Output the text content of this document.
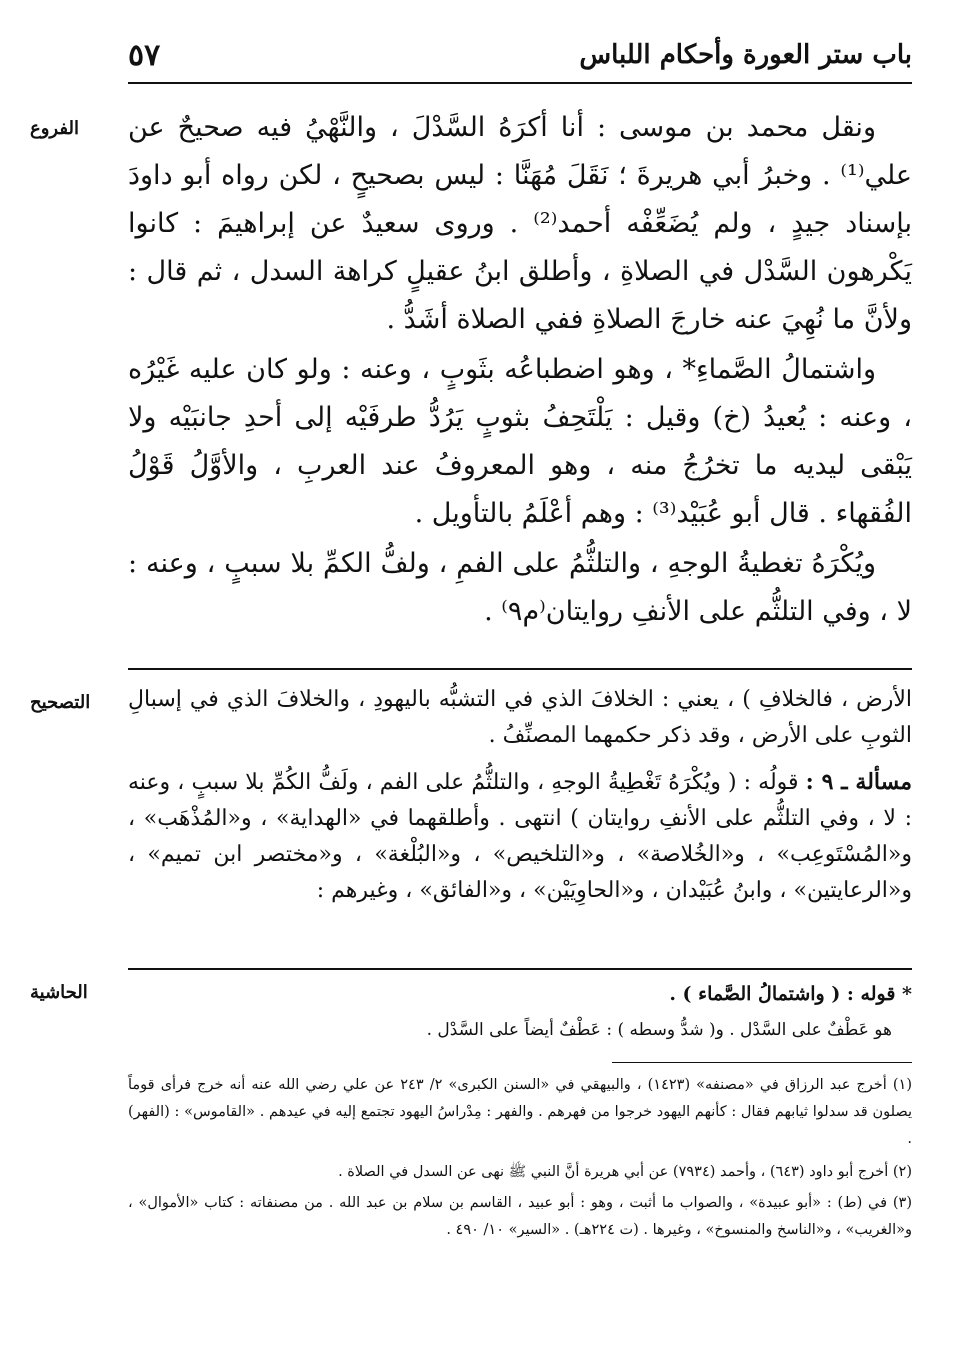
٥٧	باب ستر العورة وأحكام اللباس
الفروع	ونقل محمد بن موسى : أنا أكرَهُ السَّدْلَ ، والنَّهْيُ فيه صحيحٌ عن علي⁽¹⁾ . وخبرُ أبي هريرةَ ؛ نَقَلَ مُهَنَّا : ليس بصحيحٍ ، لكن رواه أبو داودَ بإسناد جيدٍ ، ولم يُضَعِّفْه أحمد⁽²⁾ . وروى سعيدٌ عن إبراهيمَ : كانوا يَكْرهون السَّدْل في الصلاةِ ، وأطلق ابنُ عقيلٍ كراهة السدل ، ثم قال : ولأنَّ ما نُهِيَ عنه خارجَ الصلاةِ ففي الصلاة أشَدُّ .

واشتمالُ الصَّماءِ* ، وهو اضطباعُه بثَوبٍ ، وعنه : ولو كان عليه غَيْرُه ، وعنه : يُعيدُ (خ) وقيل : يَلْتَحِفُ بثوبٍ يَرُدُّ طرفَيْه إلى أحدِ جانبَيْه ولا يَبْقى ليديه ما تخرُجُ منه ، وهو المعروفُ عند العربِ ، والأوَّلُ قَوْلُ الفُقهاء . قال أبو عُبَيْد⁽³⁾ : وهم أعْلَمُ بالتأويل .

ويُكْرَهُ تغطيةُ الوجهِ ، والتلثُّمُ على الفمِ ، ولفُّ الكمِّ بلا سببٍ ، وعنه : لا ، وفي التلثُّم على الأنفِ روايتان⁽م٩⁾ .

التصحيح	الأرض ، فالخلافِ ) ، يعني : الخلافَ الذي في التشبُّه باليهودِ ، والخلافَ الذي في إسبالِ الثوبِ على الأرض ، وقد ذكر حكمهما المصنِّفُ .

مسألة ـ ٩ : قولُه : ( ويُكْرَهُ تَغْطِيةُ الوجهِ ، والتلثُّمُ على الفم ، ولَفُّ الكُمِّ بلا سببٍ ، وعنه : لا ، وفي التلثُّم على الأنفِ روايتان ) انتهى . وأطلقهما في «الهداية» ، و«المُذْهَب» ، و«المُسْتَوعِب» ، و«الخُلاصة» ، و«التلخيص» ، و«البُلْغة» ، و«مختصر ابن تميم» ، و«الرعايتين» ، وابنُ عُبَيْدان ، و«الحاوِيَيْن» ، و«الفائق» ، وغيرهم :

الحاشية	* قوله : ( واشتمالُ الصَّماء ) .

هو عَطْفٌ على السَّدْل . و( شدُّ وسطه ) : عَطْفٌ أيضاً على السَّدْل .

(١) أخرج عبد الرزاق في «مصنفه» (١٤٢٣) ، والبيهقي في «السنن الكبرى» ٢/ ٢٤٣ عن علي رضي الله عنه أنه خرج فرأى قوماً يصلون قد سدلوا ثيابهم فقال : كأنهم اليهود خرجوا من فهرهم . والفهر : مِدْراسُ اليهود تجتمع إليه في عيدهم . «القاموس» : (الفهر) .

(٢) أخرج أبو داود (٦٤٣) ، وأحمد (٧٩٣٤) عن أبي هريرة أنَّ النبي ﷺ نهى عن السدل في الصلاة .

(٣) في (ط) : «أبو عبيدة» ، والصواب ما أثبت ، وهو : أبو عبيد ، القاسم بن سلام بن عبد الله . من مصنفاته : كتاب «الأموال» ، و«الغريب» ، و«الناسخ والمنسوخ» ، وغيرها . (ت ٢٢٤هـ) . «السير» ١٠/ ٤٩٠ .
